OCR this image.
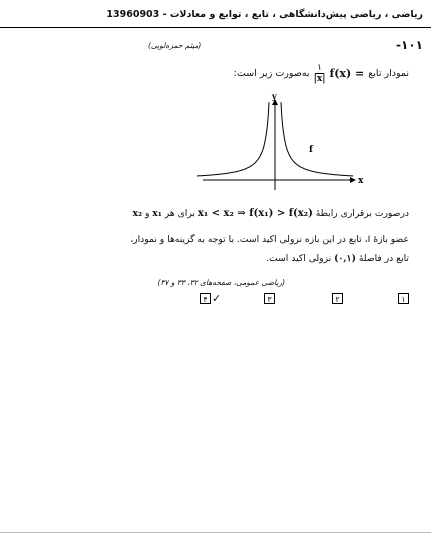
ریاضی ، ریاضی پیش‌دانشگاهی ، تابع ، توابع و معادلات - 13960903
-۱۰۱
(میثم حمزه‌لویی)
نمودار تابع
f(x) =
$\frac{۱}{|x|}$
به‌صورت زیر است:
x
y
f
درصورت برقراری رابطهٔ x₁ < x₂ ⇒ f(x₁) > f(x₂) برای هر x₁ و x₂
عضو بازهٔ I، تابع در این بازه نزولی اکید است. با توجه به گزینه‌ها و نمودار،
تابع در فاصلهٔ (۰,۱) نزولی اکید است.
(ریاضی عمومی، صفحه‌های ۳۲، ۳۳ و ۳۷)
۱
۲
۳
۴ ✓
